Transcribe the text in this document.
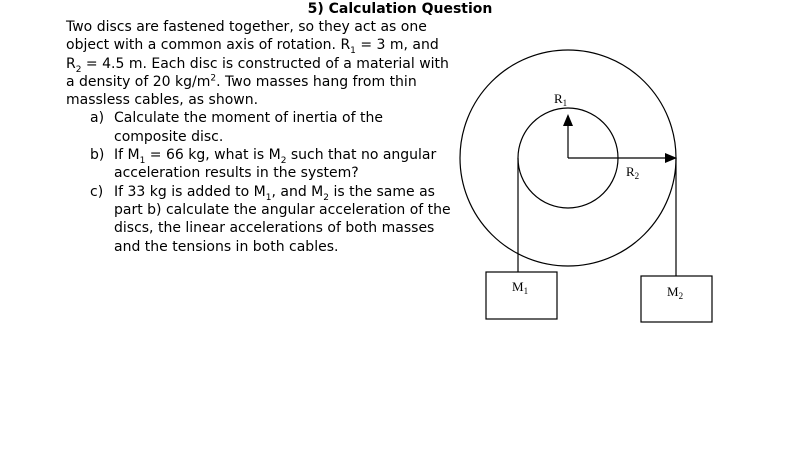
5) Calculation Question

Two discs are fastened together, so they act as one object with a common axis of rotation. $R_1 = 3$ m, and $R_2 = 4.5$ m. Each disc is constructed of a material with a density of 20 $kg/m^2$. Two masses hang from thin massless cables, as shown.

a) Calculate the moment of inertia of the composite disc.
b) If $M_1 = 66$ kg, what is $M_2$ such that no angular acceleration results in the system?
c) If 33 kg is added to $M_1$, and $M_2$ is the same as part b) calculate the angular acceleration of the discs, the linear accelerations of both masses and the tensions in both cables.
$R_1$
$R_2$
$M_1$	$M_2$
